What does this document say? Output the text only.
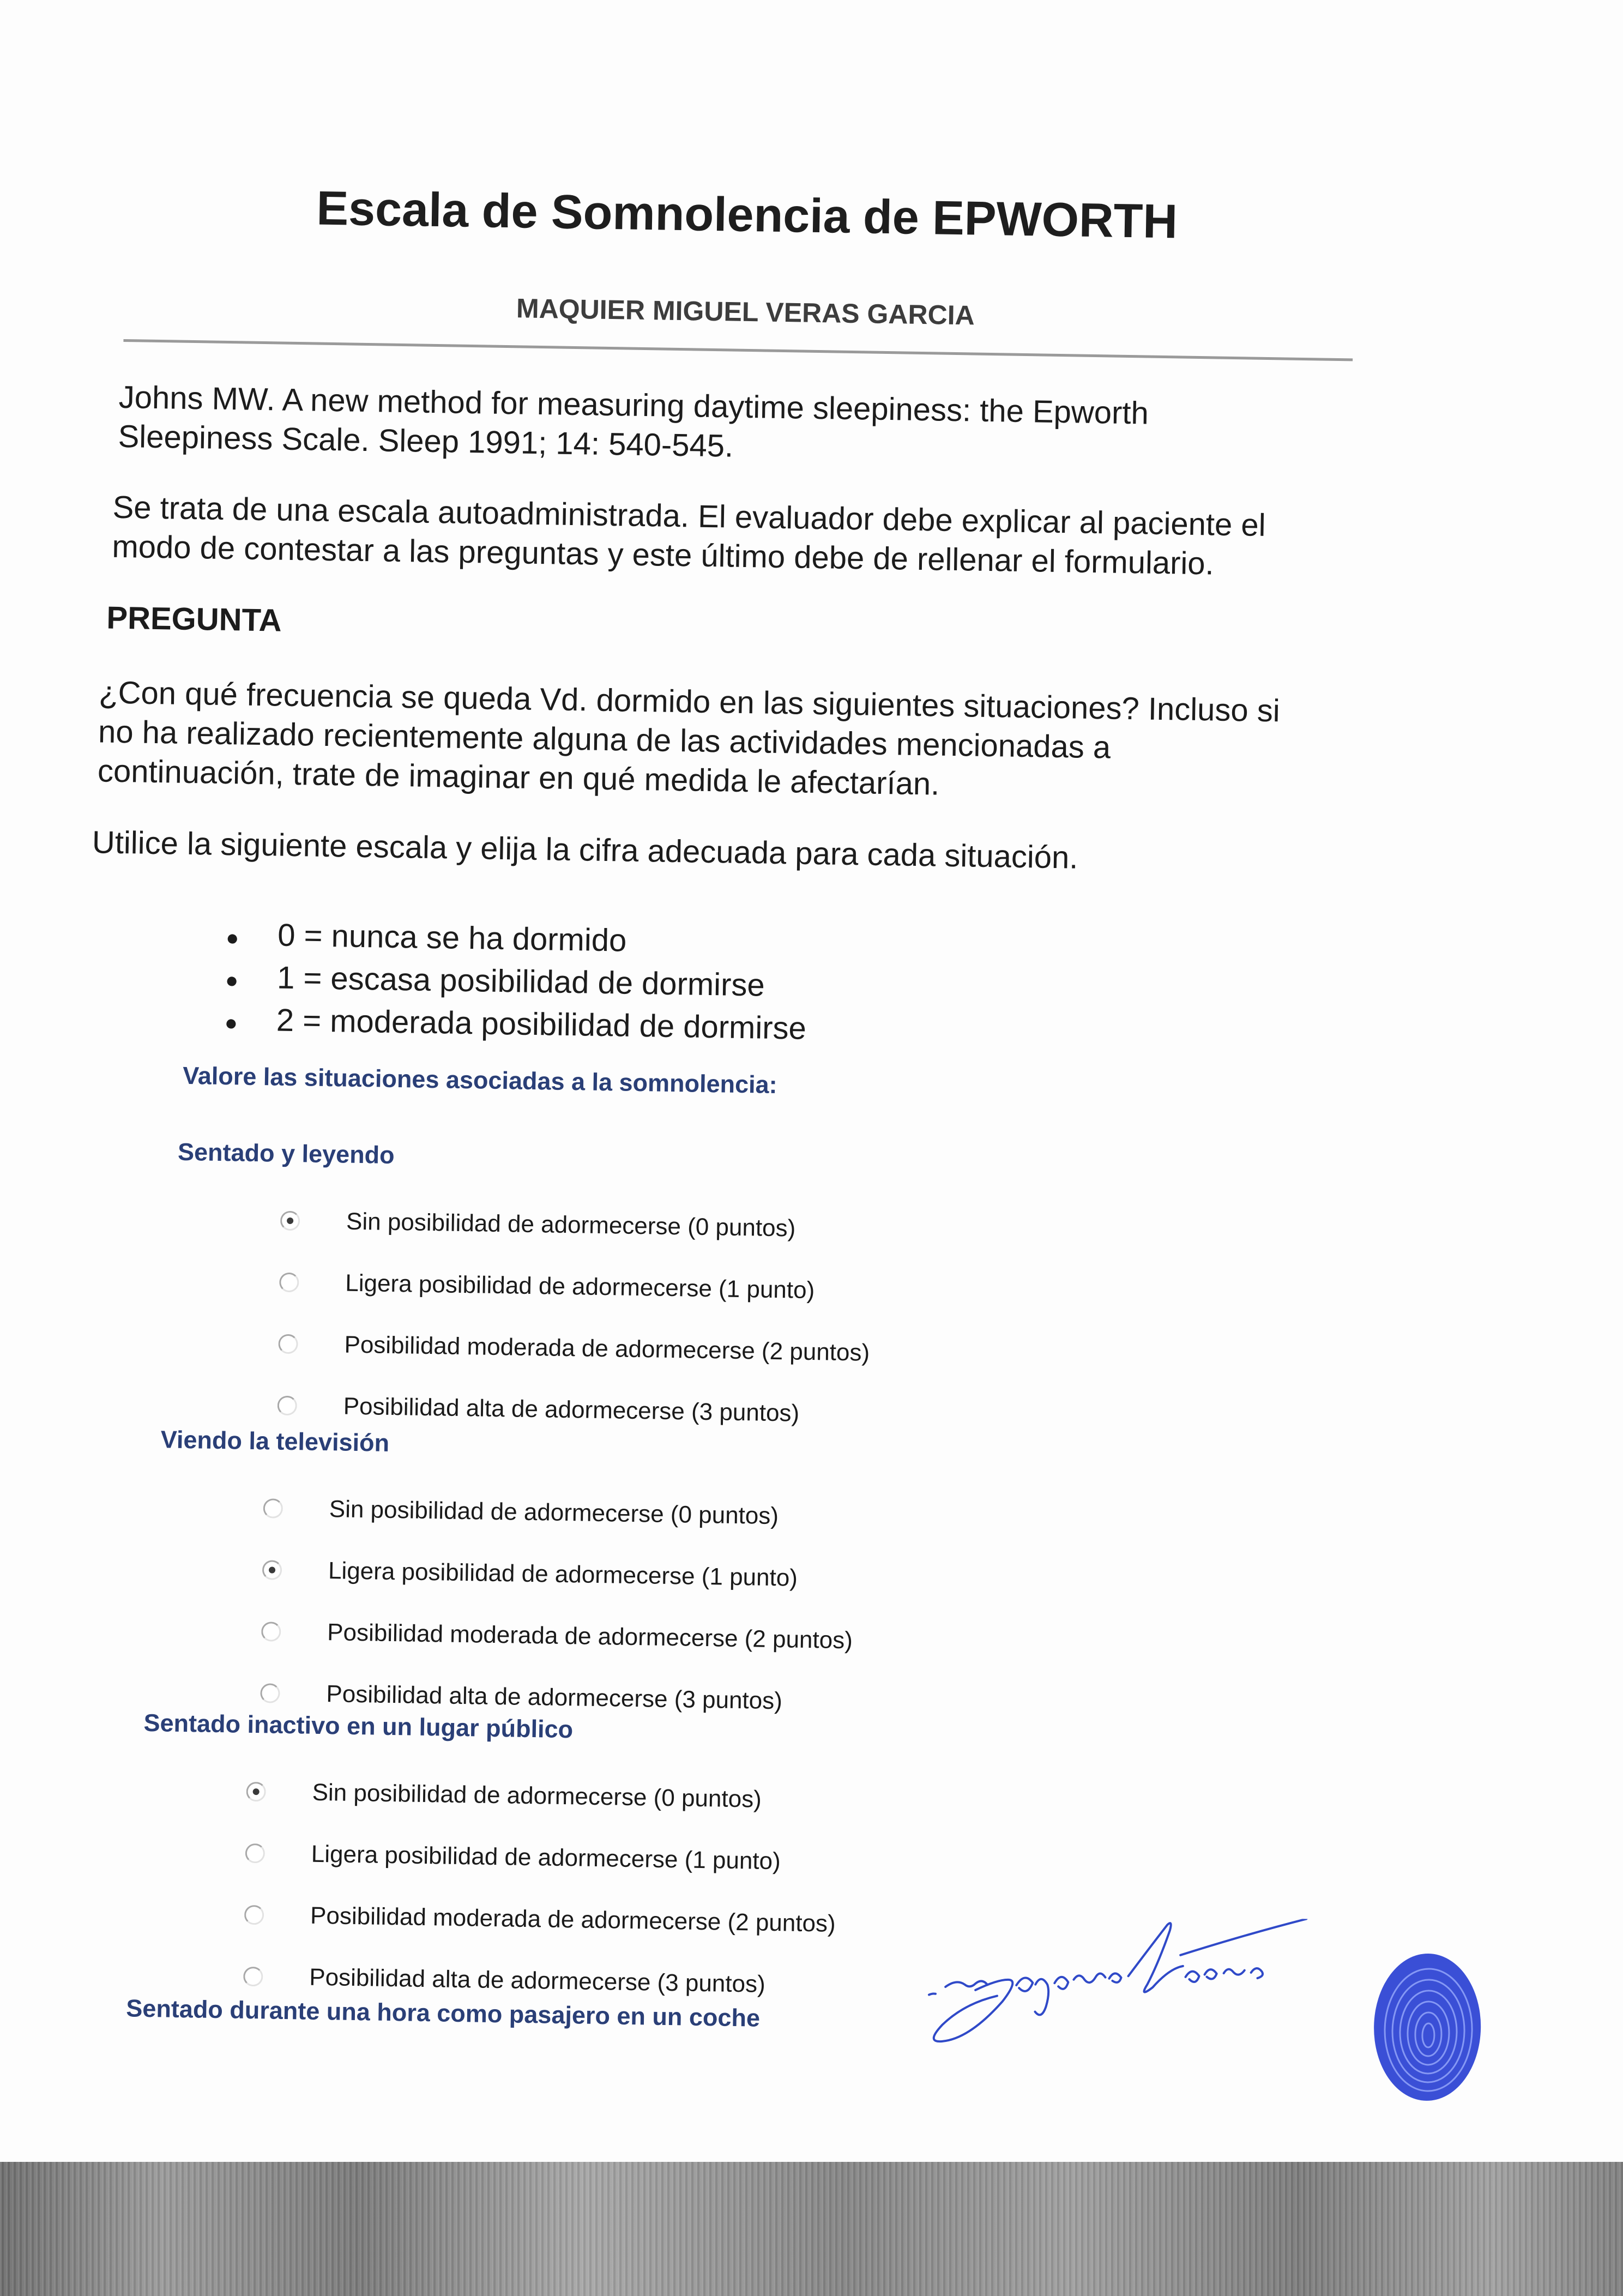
Escala de Somnolencia de EPWORTH
MAQUIER MIGUEL VERAS GARCIA
Johns MW. A new method for measuring daytime sleepiness: the Epworth
Sleepiness Scale. Sleep 1991; 14: 540-545.
Se trata de una escala autoadministrada. El evaluador debe explicar al paciente el
modo de contestar a las preguntas y este último debe de rellenar el formulario.
PREGUNTA
¿Con qué frecuencia se queda Vd. dormido en las siguientes situaciones? Incluso si
no ha realizado recientemente alguna de las actividades mencionadas a
continuación, trate de imaginar en qué medida le afectarían.
Utilice la siguiente escala y elija la cifra adecuada para cada situación.
●	0 = nunca se ha dormido
●	1 = escasa posibilidad de dormirse
●	2 = moderada posibilidad de dormirse
Valore las situaciones asociadas a la somnolencia:
Sentado y leyendo
Sin posibilidad de adormecerse (0 puntos)
Ligera posibilidad de adormecerse (1 punto)
Posibilidad moderada de adormecerse (2 puntos)
Posibilidad alta de adormecerse (3 puntos)
Viendo la televisión
Sin posibilidad de adormecerse (0 puntos)
Ligera posibilidad de adormecerse (1 punto)
Posibilidad moderada de adormecerse (2 puntos)
Posibilidad alta de adormecerse (3 puntos)
Sentado inactivo en un lugar público
Sin posibilidad de adormecerse (0 puntos)
Ligera posibilidad de adormecerse (1 punto)
Posibilidad moderada de adormecerse (2 puntos)
Posibilidad alta de adormecerse (3 puntos)
Sentado durante una hora como pasajero en un coche
